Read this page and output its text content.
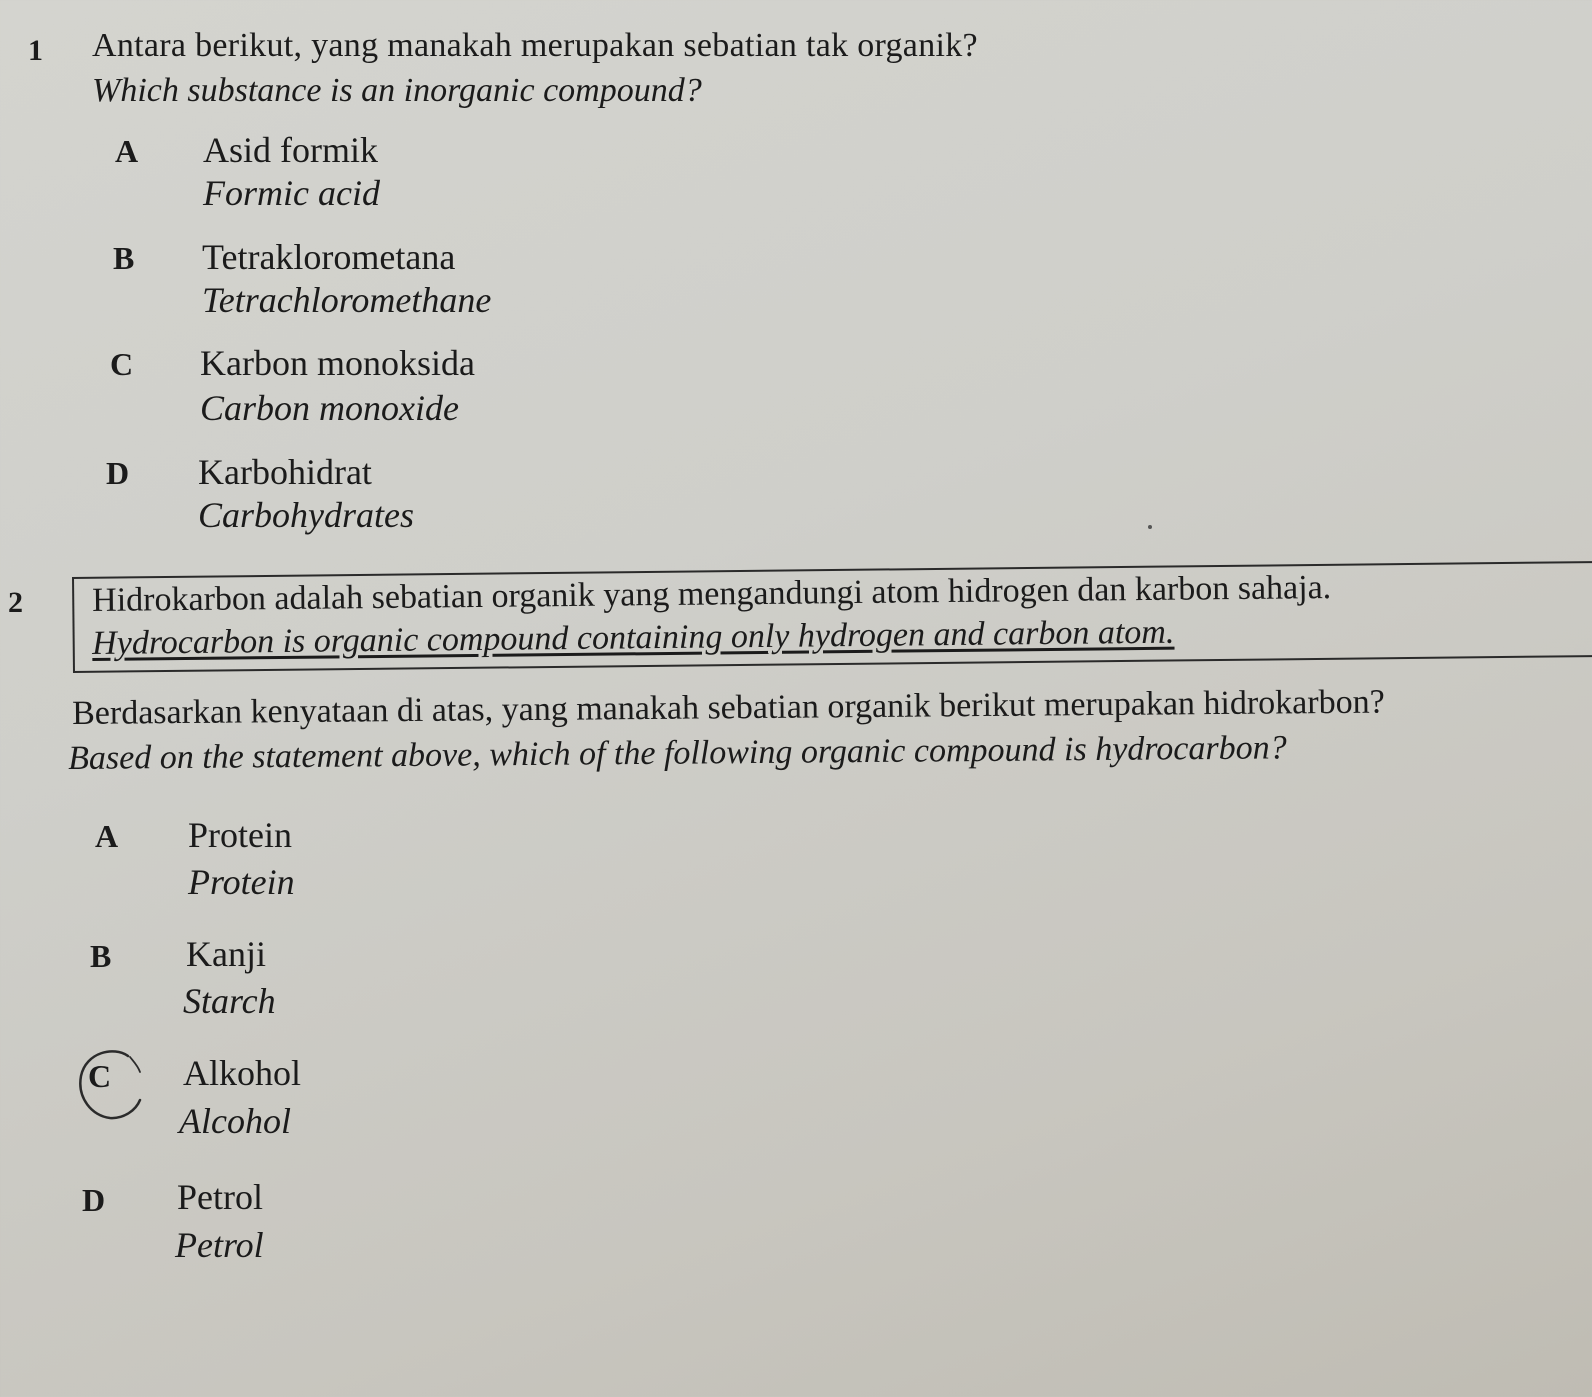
1 Antara berikut, yang manakah merupakan sebatian tak organik?
Which substance is an inorganic compound?
A Asid formik
Formic acid
B Tetraklorometana
Tetrachloromethane
C Karbon monoksida
Carbon monoxide
D Karbohidrat
Carbohydrates
2 Hidrokarbon adalah sebatian organik yang mengandungi atom hidrogen dan karbon sahaja.
Hydrocarbon is organic compound containing only hydrogen and carbon atom.
Berdasarkan kenyataan di atas, yang manakah sebatian organik berikut merupakan hidrokarbon?
Based on the statement above, which of the following organic compound is hydrocarbon?
A Protein
Protein
B Kanji
Starch
C Alkohol
Alcohol
D Petrol
Petrol
